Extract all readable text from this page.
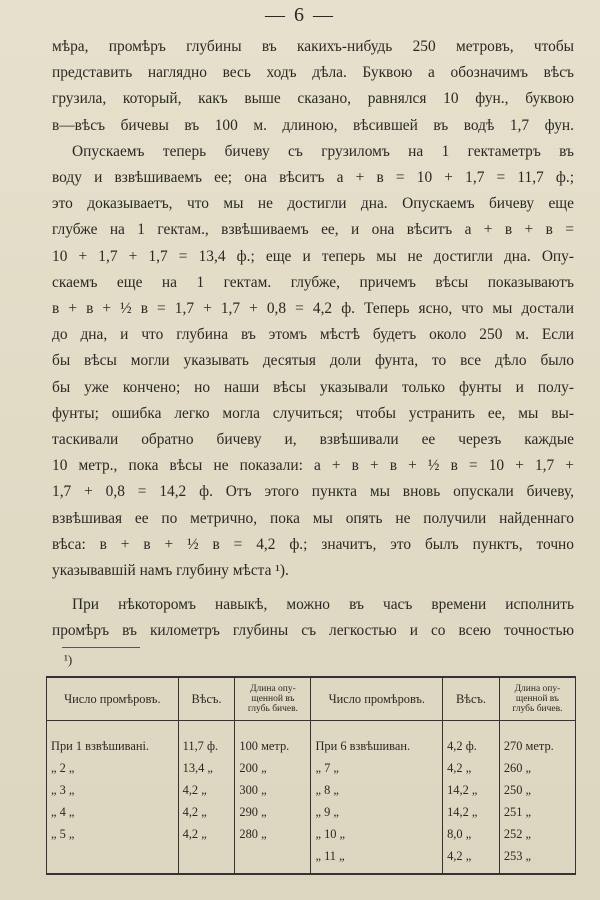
— 6 —
мѣра, промѣръ глубины въ какихъ-нибудь 250 метровъ, чтобы
представить наглядно весь ходъ дѣла. Буквою а обозначимъ вѣсъ
грузила, который, какъ выше сказано, равнялся 10 фун., буквою
в—вѣсъ бичевы въ 100 м. длиною, вѣсившей въ водѣ 1,7 фун.
Опускаемъ теперь бичеву съ грузиломъ на 1 гектаметръ въ
воду и взвѣшиваемъ ее; она вѣситъ а + в = 10 + 1,7 = 11,7 ф.;
это доказываетъ, что мы не достигли дна. Опускаемъ бичеву еще
глубже на 1 гектам., взвѣшиваемъ ее, и она вѣситъ а + в + в =
10 + 1,7 + 1,7 = 13,4 ф.; еще и теперь мы не достигли дна. Опу-
скаемъ еще на 1 гектам. глубже, причемъ вѣсы показываютъ
в + в + ½ в = 1,7 + 1,7 + 0,8 = 4,2 ф. Теперь ясно, что мы достали
до дна, и что глубина въ этомъ мѣстѣ будетъ около 250 м. Если
бы вѣсы могли указывать десятыя доли фунта, то все дѣло было
бы уже кончено; но наши вѣсы указывали только фунты и полу-
фунты; ошибка легко могла случиться; чтобы устранить ее, мы вы-
таскивали обратно бичеву и, взвѣшивали ее черезъ каждые
10 метр., пока вѣсы не показали: а + в + в + ½ в = 10 + 1,7 +
1,7 + 0,8 = 14,2 ф. Отъ этого пункта мы вновь опускали бичеву,
взвѣшивая ее по метрично, пока мы опять не получили найденнаго
вѣса: в + в + ½ в = 4,2 ф.; значитъ, это былъ пунктъ, точно
указывавшій намъ глубину мѣста ¹).
При нѣкоторомъ навыкѣ, можно въ часъ времени исполнить
промѣръ въ километръ глубины съ легкостью и со всею точностью
¹)
Число промѣровъ.	Вѣсъ.	Длина опу-щенной въ глубь бичев.	Число промѣровъ.	Вѣсъ.	Длина опу-щенной въ глубь бичев.
При 1 взвѣшивані.	11,7 ф.	100 метр.	При 6 взвѣшиван.	4,2 ф.	270 метр.
„ 2 „	13,4 „	200 „	„ 7 „	4,2 „	260 „
„ 3 „	4,2 „	300 „	„ 8 „	14,2 „	250 „
„ 4 „	4,2 „	290 „	„ 9 „	14,2 „	251 „
„ 5 „	4,2 „	280 „	„ 10 „	8,0 „	252 „
			„ 11 „	4,2 „	253 „
